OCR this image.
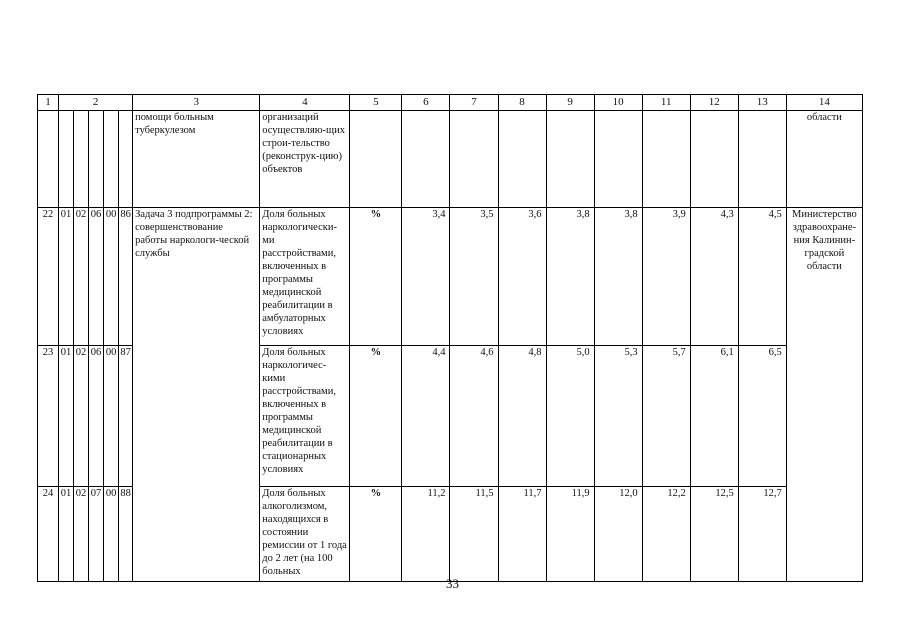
1	2					3	4	5	6	7	8	9	10	11	12	13	14
						помощи больным туберкулезом	организаций осуществляю-щих строи-тельство (реконструк-цию) объектов										области
22	01	02	06	00	86	Задача 3 подпрограммы 2: совершенствование работы наркологи-ческой службы	Доля больных наркологически-ми расстройствами, включенных в программы медицинской реабилитации в амбулаторных условиях	%	3,4	3,5	3,6	3,8	3,8	3,9	4,3	4,5	Министерство здравоохране-ния Калинин-градской области
23	01	02	06	00	87		Доля больных наркологичес-кими расстройствами, включенных в программы медицинской реабилитации в стационарных условиях	%	4,4	4,6	4,8	5,0	5,3	5,7	6,1	6,5	
24	01	02	07	00	88		Доля больных алкоголизмом, находящихся в состоянии ремиссии от 1 года до 2 лет (на 100 больных	%	11,2	11,5	11,7	11,9	12,0	12,2	12,5	12,7	
33
